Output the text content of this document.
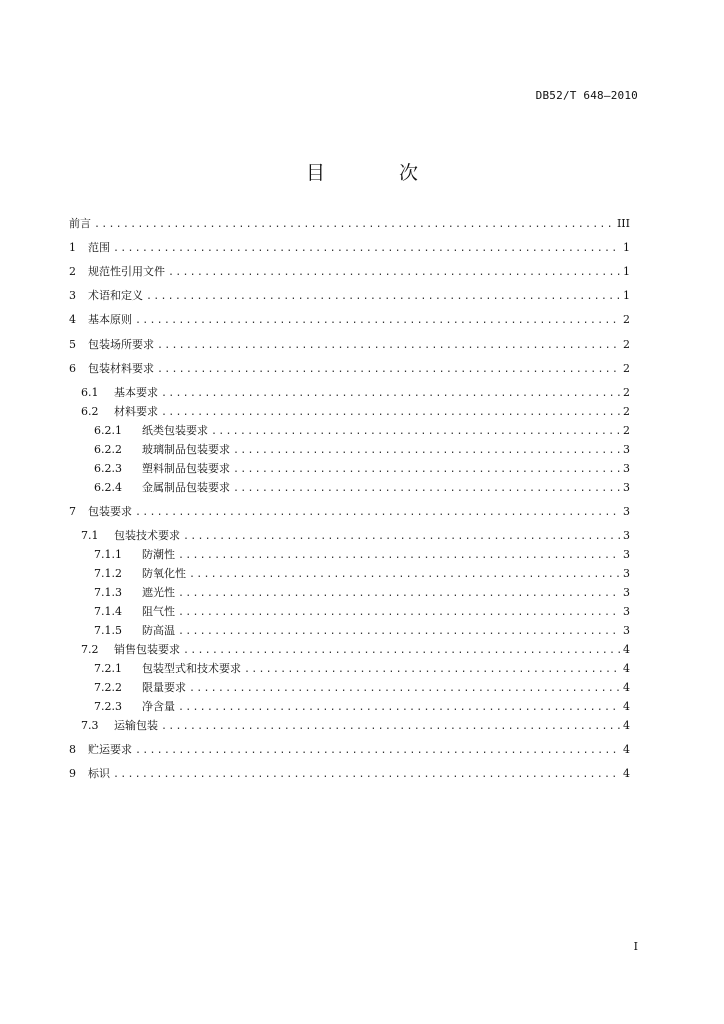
DB52/T 648—2010
目 次
前言 .....	III
1	范围 .....	1
2	规范性引用文件 .....	1
3	术语和定义 .....	1
4	基本原则 .....	2
5	包装场所要求 .....	2
6	包装材料要求 .....	2
6.1	基本要求 .....	2
6.2	材料要求 .....	2
6.2.1	纸类包装要求 .....	2
6.2.2	玻璃制品包装要求 .....	3
6.2.3	塑料制品包装要求 .....	3
6.2.4	金属制品包装要求 .....	3
7	包装要求 .....	3
7.1	包装技术要求 .....	3
7.1.1	防潮性 .....	3
7.1.2	防氧化性 .....	3
7.1.3	遮光性 .....	3
7.1.4	阻气性 .....	3
7.1.5	防高温 .....	3
7.2	销售包装要求 .....	4
7.2.1	包装型式和技术要求 .....	4
7.2.2	限量要求 .....	4
7.2.3	净含量 .....	4
7.3	运输包装 .....	4
8	贮运要求 .....	4
9	标识 .....	4
I
